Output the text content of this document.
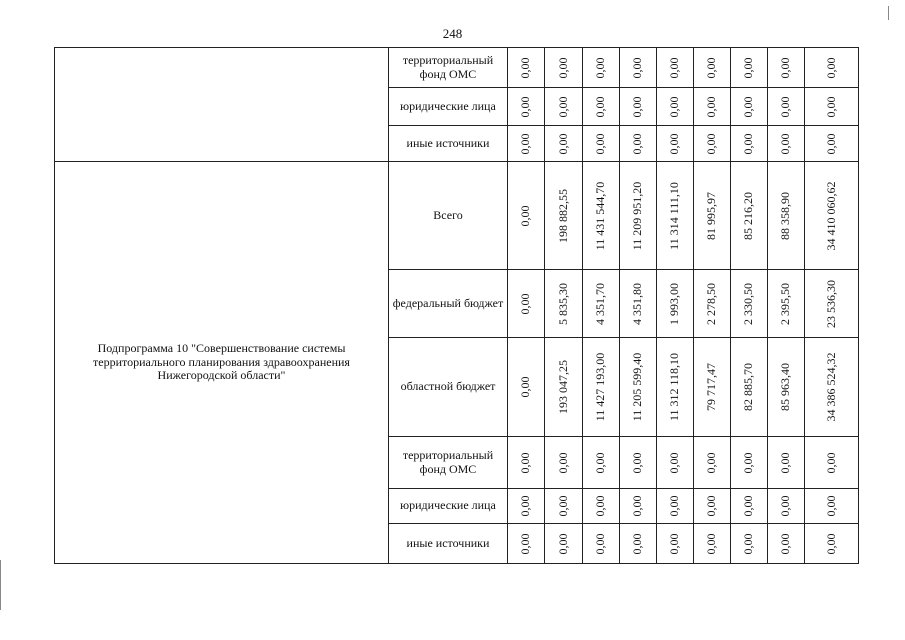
248
	территориальный фонд ОМС	0,00	0,00	0,00	0,00	0,00	0,00	0,00	0,00	0,00

	юридические лица	0,00	0,00	0,00	0,00	0,00	0,00	0,00	0,00	0,00

	иные источники	0,00	0,00	0,00	0,00	0,00	0,00	0,00	0,00	0,00

Подпрограмма 10 "Совершенствование системы территориального планирования здравоохранения Нижегородской области"	Всего	0,00	198 882,55	11 431 544,70	11 209 951,20	11 314 111,10	81 995,97	85 216,20	88 358,90	34 410 060,62

	федеральный бюджет	0,00	5 835,30	4 351,70	4 351,80	1 993,00	2 278,50	2 330,50	2 395,50	23 536,30

	областной бюджет	0,00	193 047,25	11 427 193,00	11 205 599,40	11 312 118,10	79 717,47	82 885,70	85 963,40	34 386 524,32

	территориальный фонд ОМС	0,00	0,00	0,00	0,00	0,00	0,00	0,00	0,00	0,00

	юридические лица	0,00	0,00	0,00	0,00	0,00	0,00	0,00	0,00	0,00

	иные источники	0,00	0,00	0,00	0,00	0,00	0,00	0,00	0,00	0,00
